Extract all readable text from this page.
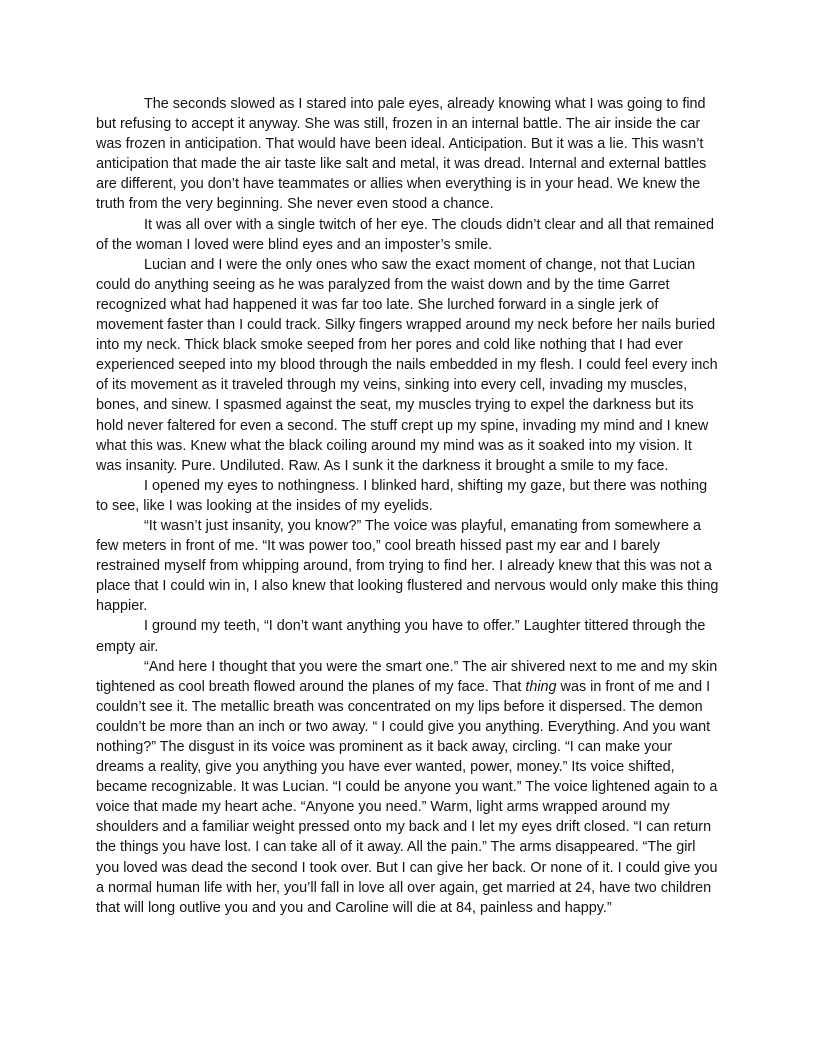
The seconds slowed as I stared into pale eyes, already knowing what I was going to find but refusing to accept it anyway. She was still, frozen in an internal battle. The air inside the car was frozen in anticipation. That would have been ideal. Anticipation. But it was a lie. This wasn’t anticipation that made the air taste like salt and metal, it was dread. Internal and external battles are different, you don’t have teammates or allies when everything is in your head. We knew the truth from the very beginning. She never even stood a chance.

It was all over with a single twitch of her eye. The clouds didn’t clear and all that remained of the woman I loved were blind eyes and an imposter’s smile.

Lucian and I were the only ones who saw the exact moment of change, not that Lucian could do anything seeing as he was paralyzed from the waist down and by the time Garret recognized what had happened it was far too late. She lurched forward in a single jerk of movement faster than I could track. Silky fingers wrapped around my neck before her nails buried into my neck. Thick black smoke seeped from her pores and cold like nothing that I had ever experienced seeped into my blood through the nails embedded in my flesh. I could feel every inch of its movement as it traveled through my veins, sinking into every cell, invading my muscles, bones, and sinew. I spasmed against the seat, my muscles trying to expel the darkness but its hold never faltered for even a second. The stuff crept up my spine, invading my mind and I knew what this was. Knew what the black coiling around my mind was as it soaked into my vision. It was insanity. Pure. Undiluted. Raw. As I sunk it the darkness it brought a smile to my face.

I opened my eyes to nothingness. I blinked hard, shifting my gaze, but there was nothing to see, like I was looking at the insides of my eyelids.

“It wasn’t just insanity, you know?” The voice was playful, emanating from somewhere a few meters in front of me. “It was power too,” cool breath hissed past my ear and I barely restrained myself from whipping around, from trying to find her. I already knew that this was not a place that I could win in, I also knew that looking flustered and nervous would only make this thing happier.

I ground my teeth, “I don’t want anything you have to offer.” Laughter tittered through the empty air.

“And here I thought that you were the smart one.” The air shivered next to me and my skin tightened as cool breath flowed around the planes of my face. That thing was in front of me and I couldn’t see it. The metallic breath was concentrated on my lips before it dispersed. The demon couldn’t be more than an inch or two away. “ I could give you anything. Everything. And you want nothing?” The disgust in its voice was prominent as it back away, circling. “I can make your dreams a reality, give you anything you have ever wanted, power, money.” Its voice shifted, became recognizable. It was Lucian. “I could be anyone you want.” The voice lightened again to a voice that made my heart ache. “Anyone you need.” Warm, light arms wrapped around my shoulders and a familiar weight pressed onto my back and I let my eyes drift closed. “I can return the things you have lost. I can take all of it away. All the pain.” The arms disappeared. “The girl you loved was dead the second I took over. But I can give her back. Or none of it. I could give you a normal human life with her, you’ll fall in love all over again, get married at 24, have two children that will long outlive you and you and Caroline will die at 84, painless and happy.”
